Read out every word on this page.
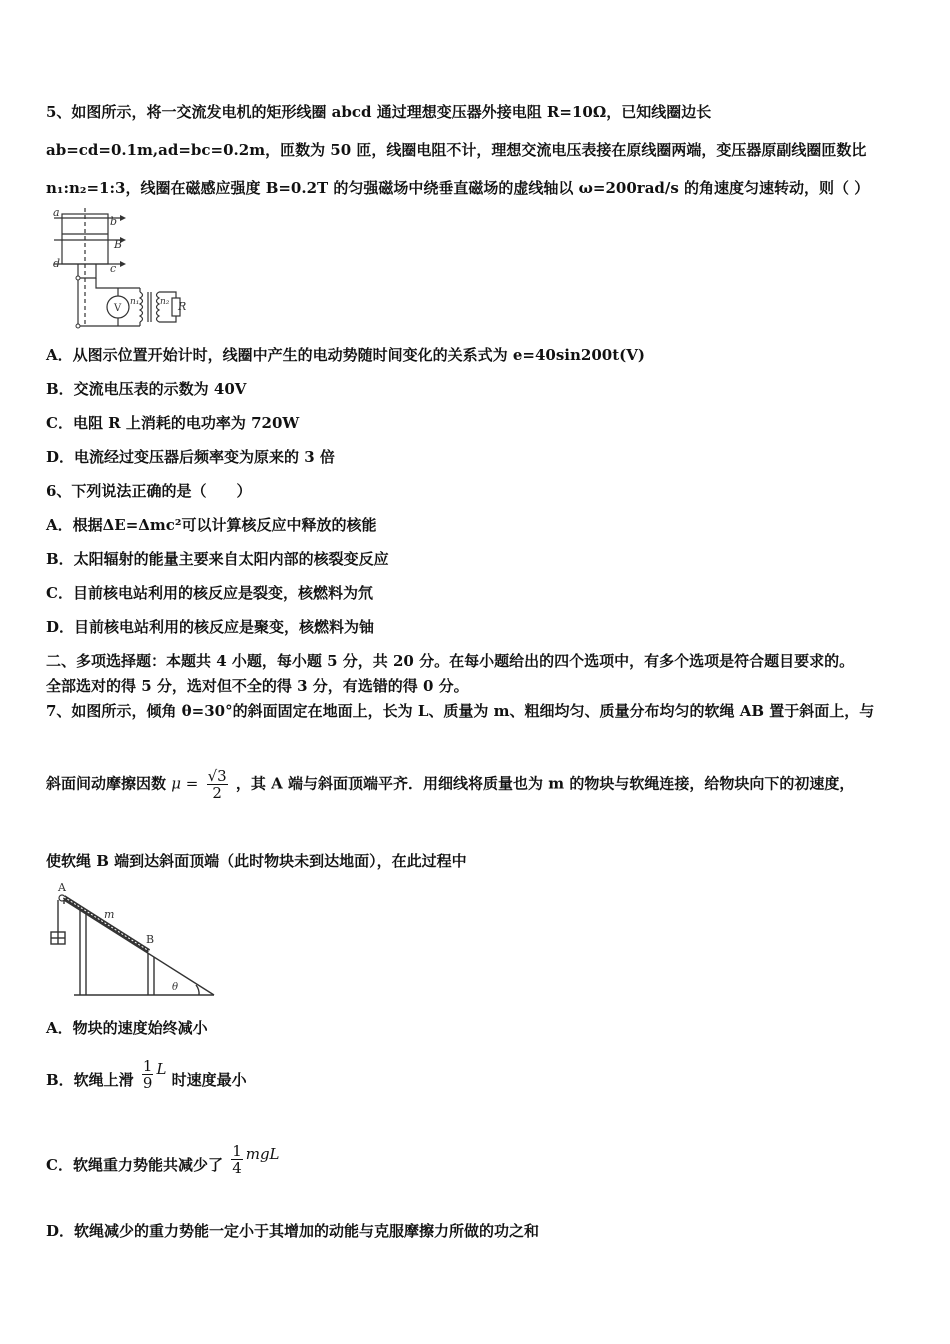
5、如图所示，将一交流发电机的矩形线圈 abcd 通过理想变压器外接电阻 R=10Ω，已知线圈边长
ab=cd=0.1m,ad=bc=0.2m，匝数为 50 匝，线圈电阻不计，理想交流电压表接在原线圈两端，变压器原副线圈匝数比
n₁:n₂=1:3，线圈在磁感应强度 B=0.2T 的匀强磁场中绕垂直磁场的虚线轴以 ω=200rad/s 的角速度匀速转动，则（ ）
a
b
B
d	c
R
V
n₁ n₂
A．从图示位置开始计时，线圈中产生的电动势随时间变化的关系式为 e=40sin200t(V)
B．交流电压表的示数为 40V
C．电阻 R 上消耗的电功率为 720W
D．电流经过变压器后频率变为原来的 3 倍
6、下列说法正确的是（　　）
A．根据ΔE=Δmc²可以计算核反应中释放的核能
B．太阳辐射的能量主要来自太阳内部的核裂变反应
C．目前核电站利用的核反应是裂变，核燃料为氘
D．目前核电站利用的核反应是聚变，核燃料为铀
二、多项选择题：本题共 4 小题，每小题 5 分，共 20 分。在每小题给出的四个选项中，有多个选项是符合题目要求的。
全部选对的得 5 分，选对但不全的得 3 分，有选错的得 0 分。
7、如图所示，倾角 θ=30°的斜面固定在地面上，长为 L、质量为 m、粗细均匀、质量分布均匀的软绳 AB 置于斜面上，与
斜面间动摩擦因数 $\mu = \frac{√3}{2}$ ，其 A 端与斜面顶端平齐．用细线将质量也为 m 的物块与软绳连接，给物块向下的初速度，
使软绳 B 端到达斜面顶端（此时物块未到达地面），在此过程中
A
m
B
θ
A．物块的速度始终减小
B．软绳上滑 $\frac{1}{9}$ L 时速度最小
C．软绳重力势能共减少了 $\frac{1}{4}$ mgL
D．软绳减少的重力势能一定小于其增加的动能与克服摩擦力所做的功之和
